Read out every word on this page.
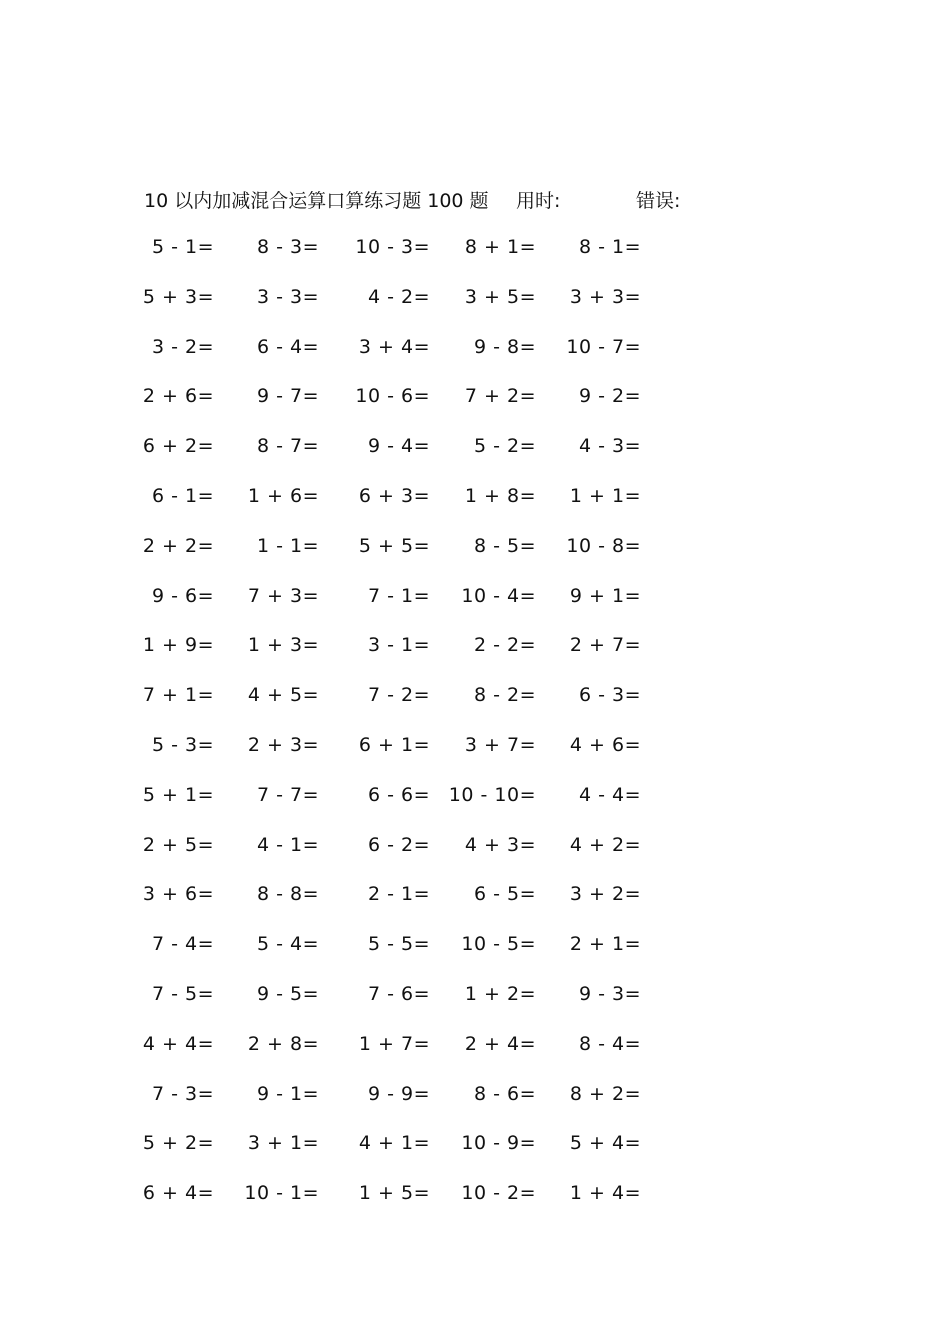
10 以内加减混合运算口算练习题 100 题 用时:	错误:
5 - 1= 8 - 3= 10 - 3= 8 + 1= 8 - 1=
5 + 3= 3 - 3=	4 - 2= 3 + 5= 3 + 3=
3 - 2= 6 - 4= 3 + 4= 9 - 8= 10 - 7=
2 + 6= 9 - 7= 10 - 6= 7 + 2= 9 - 2=
6 + 2= 8 - 7=	9 - 4= 5 - 2= 4 - 3=
6 - 1= 1 + 6= 6 + 3= 1 + 8= 1 + 1=
2 + 2= 1 - 1= 5 + 5= 8 - 5= 10 - 8=
9 - 6= 7 + 3=	7 - 1= 10 - 4= 9 + 1=
1 + 9= 1 + 3=	3 - 1= 2 - 2= 2 + 7=
7 + 1= 4 + 5=	7 - 2= 8 - 2= 6 - 3=
5 - 3= 2 + 3= 6 + 1= 3 + 7= 4 + 6=
5 + 1= 7 - 7=	6 - 6= 10 - 10= 4 - 4=
2 + 5= 4 - 1=	6 - 2= 4 + 3= 4 + 2=
3 + 6= 8 - 8=	2 - 1= 6 - 5= 3 + 2=
7 - 4= 5 - 4=	5 - 5= 10 - 5= 2 + 1=
7 - 5= 9 - 5=	7 - 6= 1 + 2= 9 - 3=
4 + 4= 2 + 8= 1 + 7= 2 + 4= 8 - 4=
7 - 3= 9 - 1=	9 - 9= 8 - 6= 8 + 2=
5 + 2= 3 + 1= 4 + 1= 10 - 9= 5 + 4=
6 + 4= 10 - 1= 1 + 5= 10 - 2= 1 + 4=
